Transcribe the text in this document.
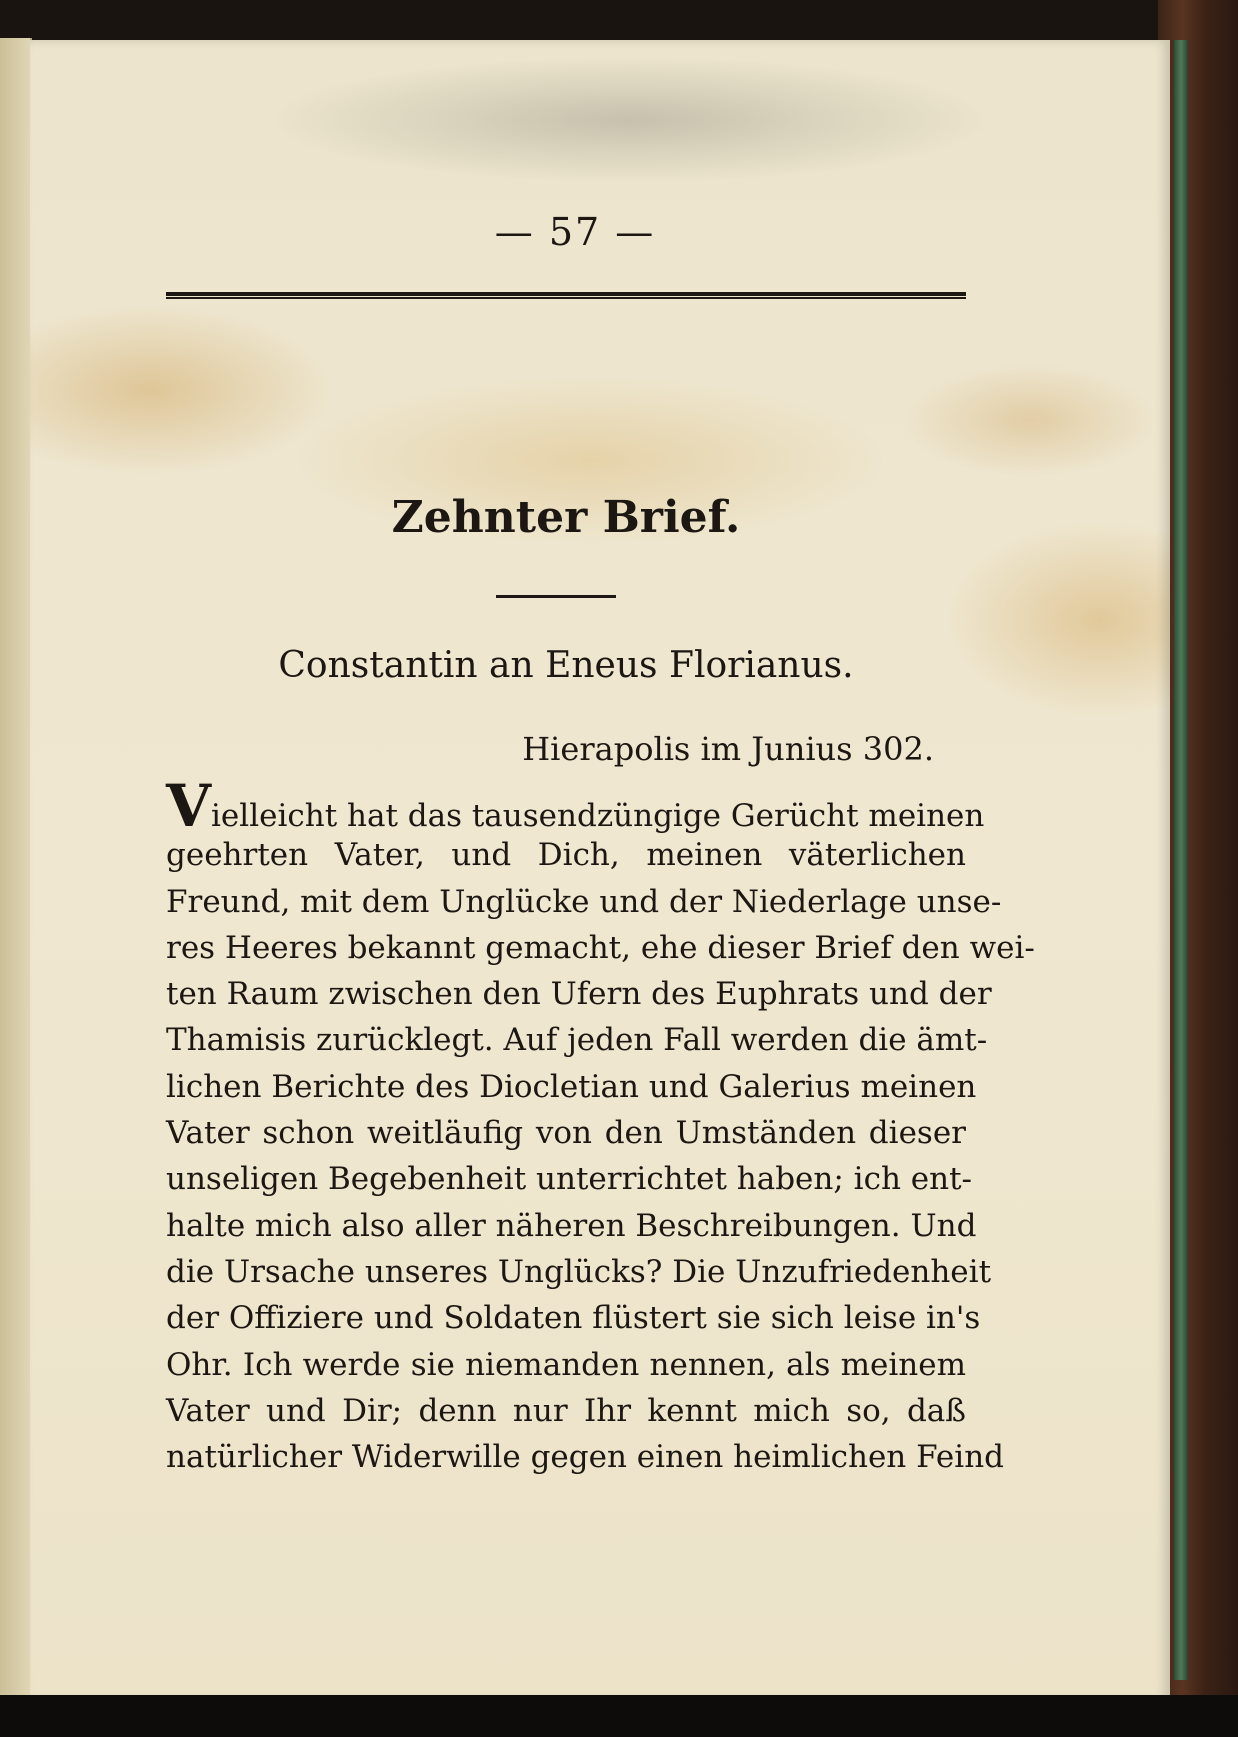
— 57 —
Zehnter Brief.
Constantin an Eneus Florianus.
Hierapolis im Junius 302.
Vielleicht hat das tausendzüngige Gerücht meinen
geehrten Vater, und Dich, meinen väterlichen
Freund, mit dem Unglücke und der Niederlage unse-
res Heeres bekannt gemacht, ehe dieser Brief den wei-
ten Raum zwischen den Ufern des Euphrats und der
Thamisis zurücklegt. Auf jeden Fall werden die ämt-
lichen Berichte des Diocletian und Galerius meinen
Vater schon weitläufig von den Umständen dieser
unseligen Begebenheit unterrichtet haben; ich ent-
halte mich also aller näheren Beschreibungen. Und
die Ursache unseres Unglücks? Die Unzufriedenheit
der Offiziere und Soldaten flüstert sie sich leise in's
Ohr. Ich werde sie niemanden nennen, als meinem
Vater und Dir; denn nur Ihr kennt mich so, daß
natürlicher Widerwille gegen einen heimlichen Feind
